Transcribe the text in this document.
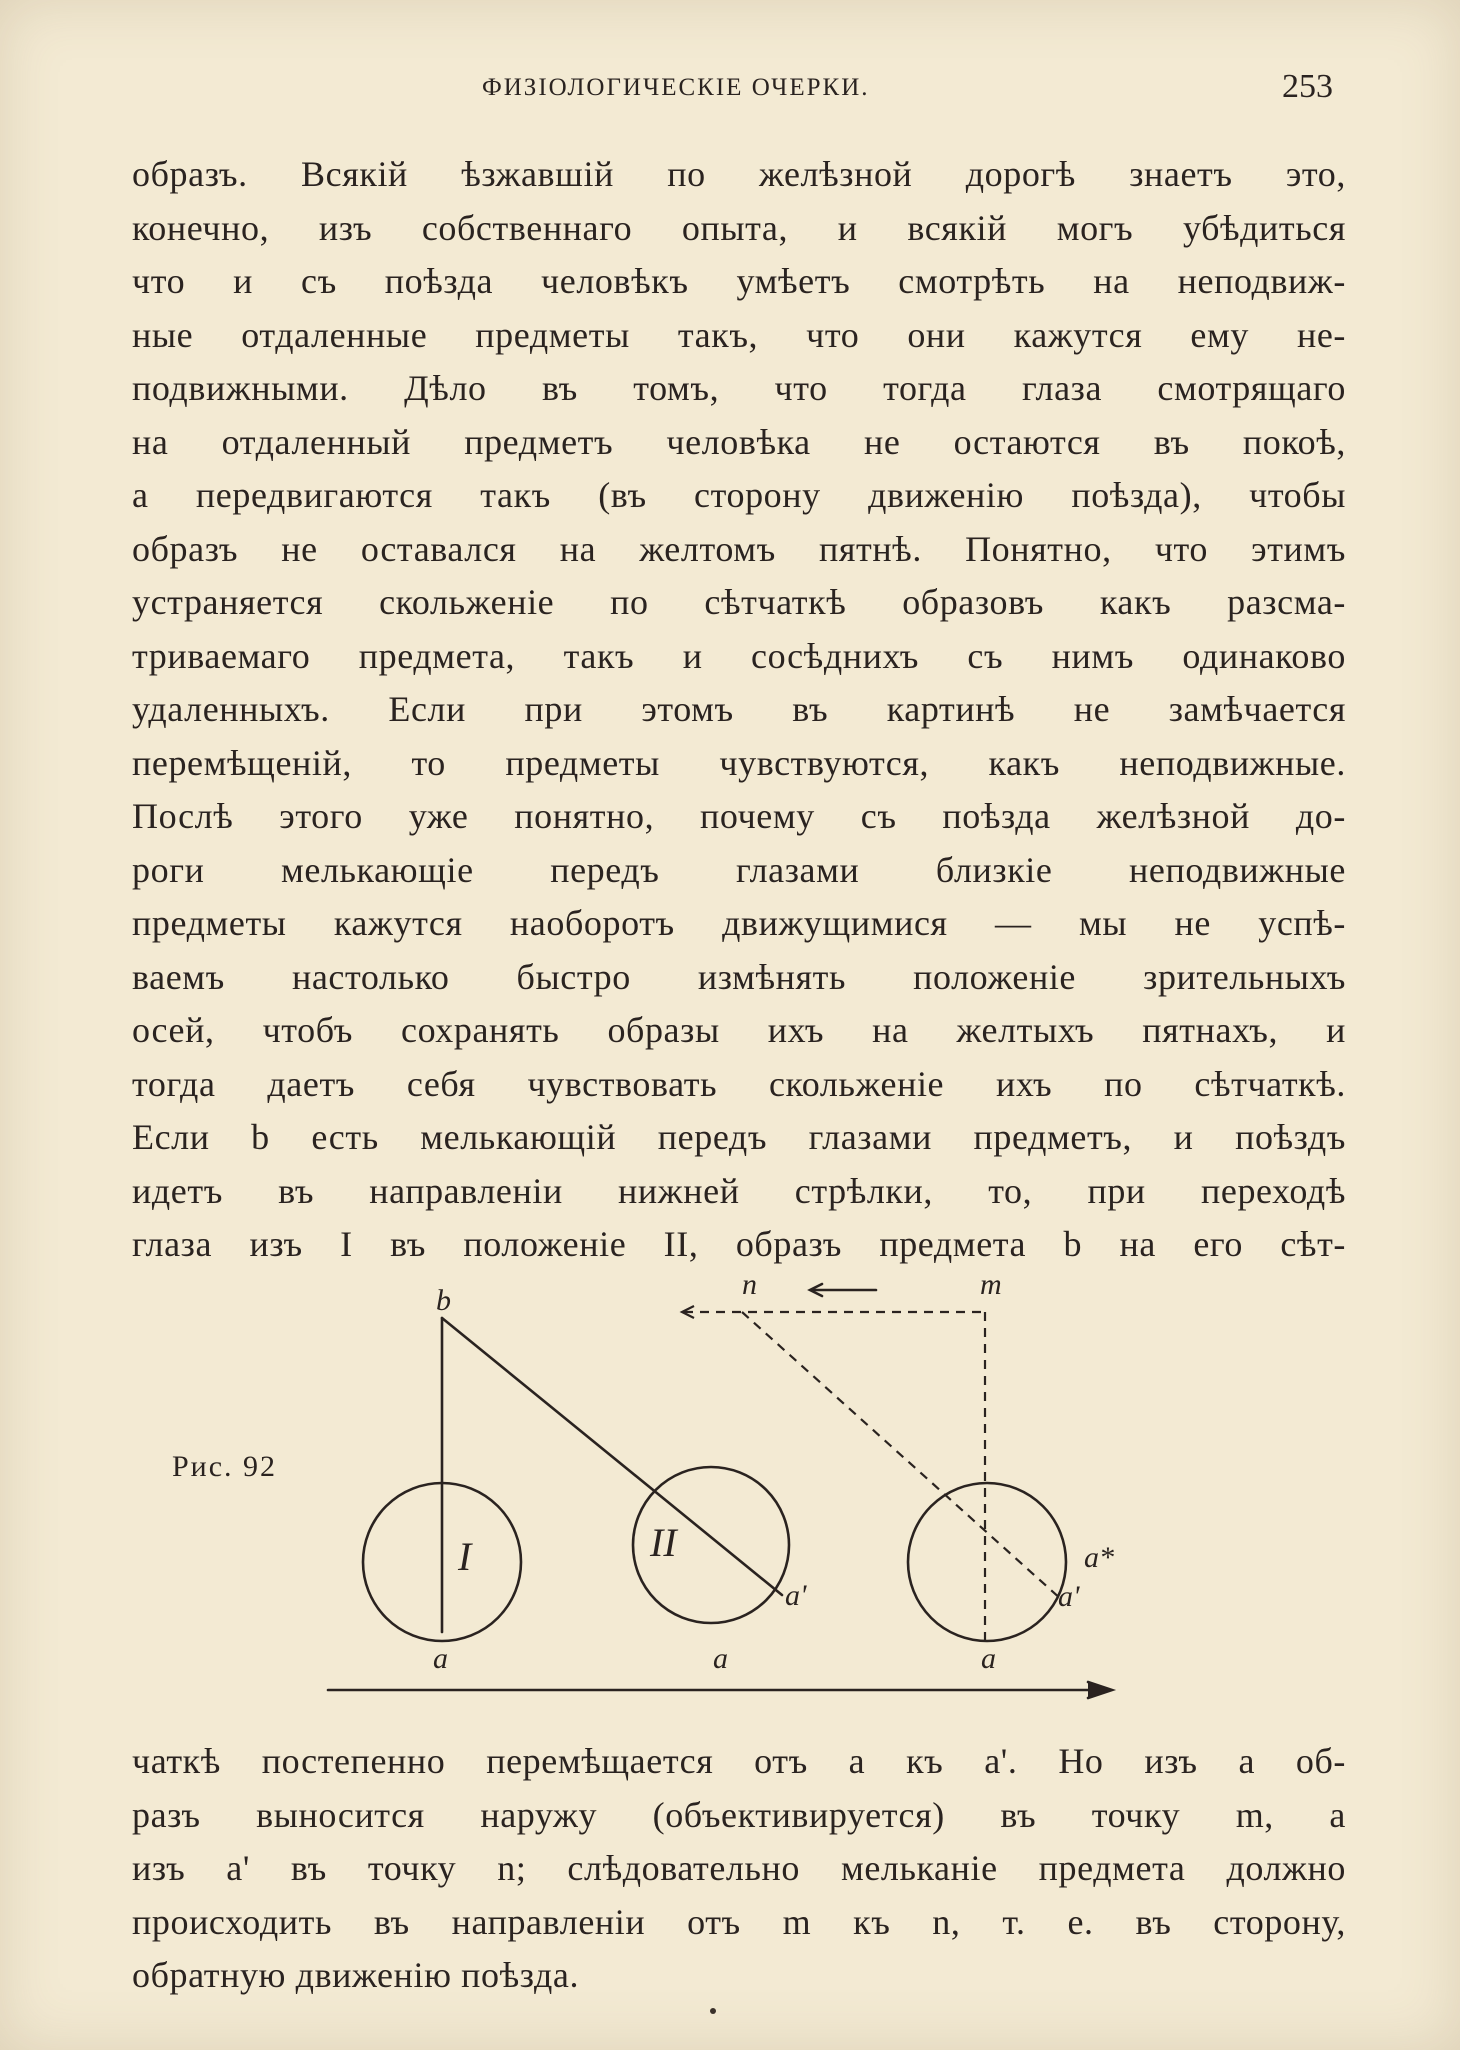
ФИЗIОЛОГИЧЕСКIЕ ОЧЕРКИ.	253
образъ. Всякiй ѣзжавшiй по желѣзной дорогѣ знаетъ это,
конечно, изъ собственнаго опыта, и всякiй могъ убѣдиться
что и съ поѣзда человѣкъ умѣетъ смотрѣть на неподвиж-
ные отдаленные предметы такъ, что они кажутся ему не-
подвижными. Дѣло въ томъ, что тогда глаза смотрящаго
на отдаленный предметъ человѣка не остаются въ покоѣ,
а передвигаются такъ (въ сторону движенiю поѣзда), чтобы
образъ не оставался на желтомъ пятнѣ. Понятно, что этимъ
устраняется скольженiе по сѣтчаткѣ образовъ какъ разсма-
триваемаго предмета, такъ и сосѣднихъ съ нимъ одинаково
удаленныхъ. Если при этомъ въ картинѣ не замѣчается
перемѣщенiй, то предметы чувствуются, какъ неподвижные.
Послѣ этого уже понятно, почему съ поѣзда желѣзной до-
роги мелькающiе передъ глазами близкiе неподвижные
предметы кажутся наоборотъ движущимися — мы не успѣ-
ваемъ настолько быстро измѣнять положенiе зрительныхъ
осей, чтобъ сохранять образы ихъ на желтыхъ пятнахъ, и
тогда даетъ себя чувствовать скольженiе ихъ по сѣтчаткѣ.
Если b есть мелькающiй передъ глазами предметъ, и поѣздъ
идетъ въ направленiи нижней стрѣлки, то, при переходѣ
глаза изъ I въ положенiе II, образъ предмета b на его сѣт-
Рис. 92
b	n	m
a	a	a
a'	a'
a*
I	II
чаткѣ постепенно перемѣщается отъ a къ a'. Но изъ a об-
разъ выносится наружу (объективируется) въ точку m, a
изъ a' въ точку n; слѣдовательно мельканiе предмета должно
происходить въ направленiи отъ m къ n, т. е. въ сторону,
обратную движенiю поѣзда.
